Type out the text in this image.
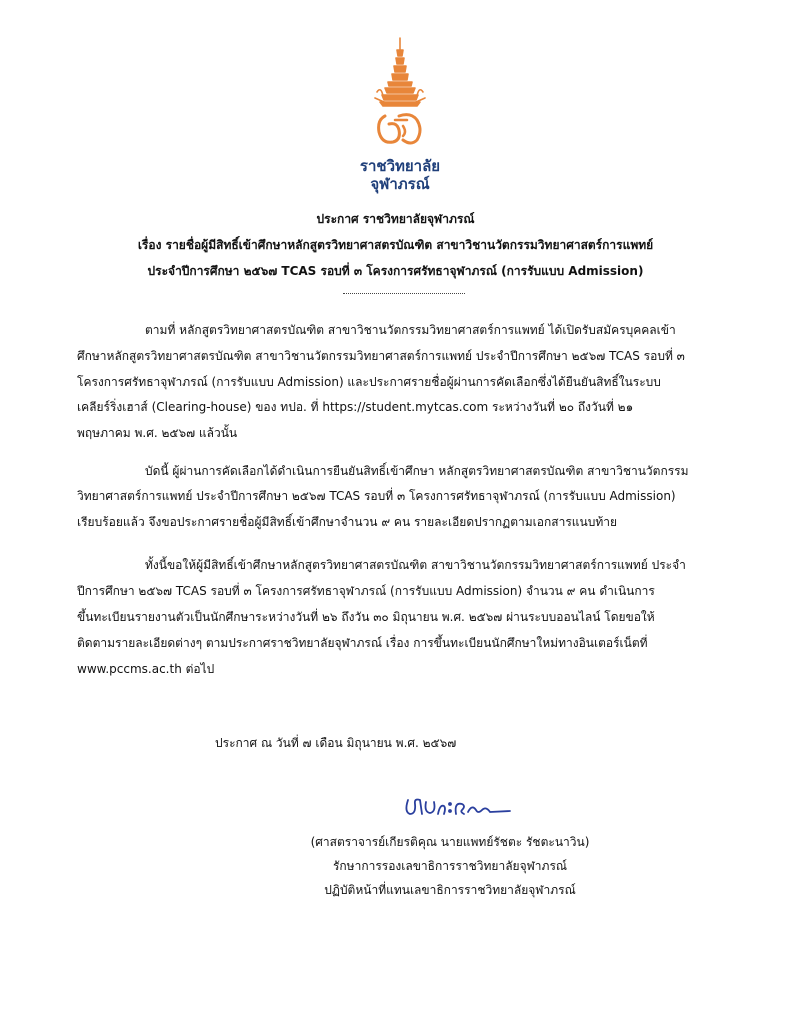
ราชวิทยาลัย
จุฬาภรณ์
ประกาศ ราชวิทยาลัยจุฬาภรณ์
เรื่อง รายชื่อผู้มีสิทธิ์เข้าศึกษาหลักสูตรวิทยาศาสตรบัณฑิต สาขาวิชานวัตกรรมวิทยาศาสตร์การแพทย์
ประจำปีการศึกษา ๒๕๖๗ TCAS รอบที่ ๓ โครงการศรัทธาจุฬาภรณ์ (การรับแบบ Admission)
ตามที่ หลักสูตรวิทยาศาสตรบัณฑิต สาขาวิชานวัตกรรมวิทยาศาสตร์การแพทย์ ได้เปิดรับสมัครบุคคลเข้า
ศึกษาหลักสูตรวิทยาศาสตรบัณฑิต สาขาวิชานวัตกรรมวิทยาศาสตร์การแพทย์ ประจำปีการศึกษา ๒๕๖๗ TCAS รอบที่ ๓
โครงการศรัทธาจุฬาภรณ์ (การรับแบบ Admission) และประกาศรายชื่อผู้ผ่านการคัดเลือกซึ่งได้ยืนยันสิทธิ์ในระบบ
เคลียร์ริ่งเฮาส์ (Clearing-house) ของ ทปอ. ที่ https://student.mytcas.com ระหว่างวันที่ ๒๐ ถึงวันที่ ๒๑
พฤษภาคม พ.ศ. ๒๕๖๗ แล้วนั้น
บัดนี้ ผู้ผ่านการคัดเลือกได้ดำเนินการยืนยันสิทธิ์เข้าศึกษา หลักสูตรวิทยาศาสตรบัณฑิต สาขาวิชานวัตกรรม
วิทยาศาสตร์การแพทย์ ประจำปีการศึกษา ๒๕๖๗ TCAS รอบที่ ๓ โครงการศรัทธาจุฬาภรณ์ (การรับแบบ Admission)
เรียบร้อยแล้ว จึงขอประกาศรายชื่อผู้มีสิทธิ์เข้าศึกษาจำนวน ๙ คน รายละเอียดปรากฏตามเอกสารแนบท้าย
ทั้งนี้ขอให้ผู้มีสิทธิ์เข้าศึกษาหลักสูตรวิทยาศาสตรบัณฑิต สาขาวิชานวัตกรรมวิทยาศาสตร์การแพทย์ ประจำ
ปีการศึกษา ๒๕๖๗ TCAS รอบที่ ๓ โครงการศรัทธาจุฬาภรณ์ (การรับแบบ Admission) จำนวน ๙ คน ดำเนินการ
ขึ้นทะเบียนรายงานตัวเป็นนักศึกษาระหว่างวันที่ ๒๖ ถึงวัน ๓๐ มิถุนายน พ.ศ. ๒๕๖๗ ผ่านระบบออนไลน์ โดยขอให้
ติดตามรายละเอียดต่างๆ ตามประกาศราชวิทยาลัยจุฬาภรณ์ เรื่อง การขึ้นทะเบียนนักศึกษาใหม่ทางอินเตอร์เน็ตที่
www.pccms.ac.th ต่อไป
ประกาศ ณ วันที่ ๗ เดือน มิถุนายน พ.ศ. ๒๕๖๗
(ศาสตราจารย์เกียรติคุณ นายแพทย์รัชตะ รัชตะนาวิน)
รักษาการรองเลขาธิการราชวิทยาลัยจุฬาภรณ์
ปฏิบัติหน้าที่แทนเลขาธิการราชวิทยาลัยจุฬาภรณ์
